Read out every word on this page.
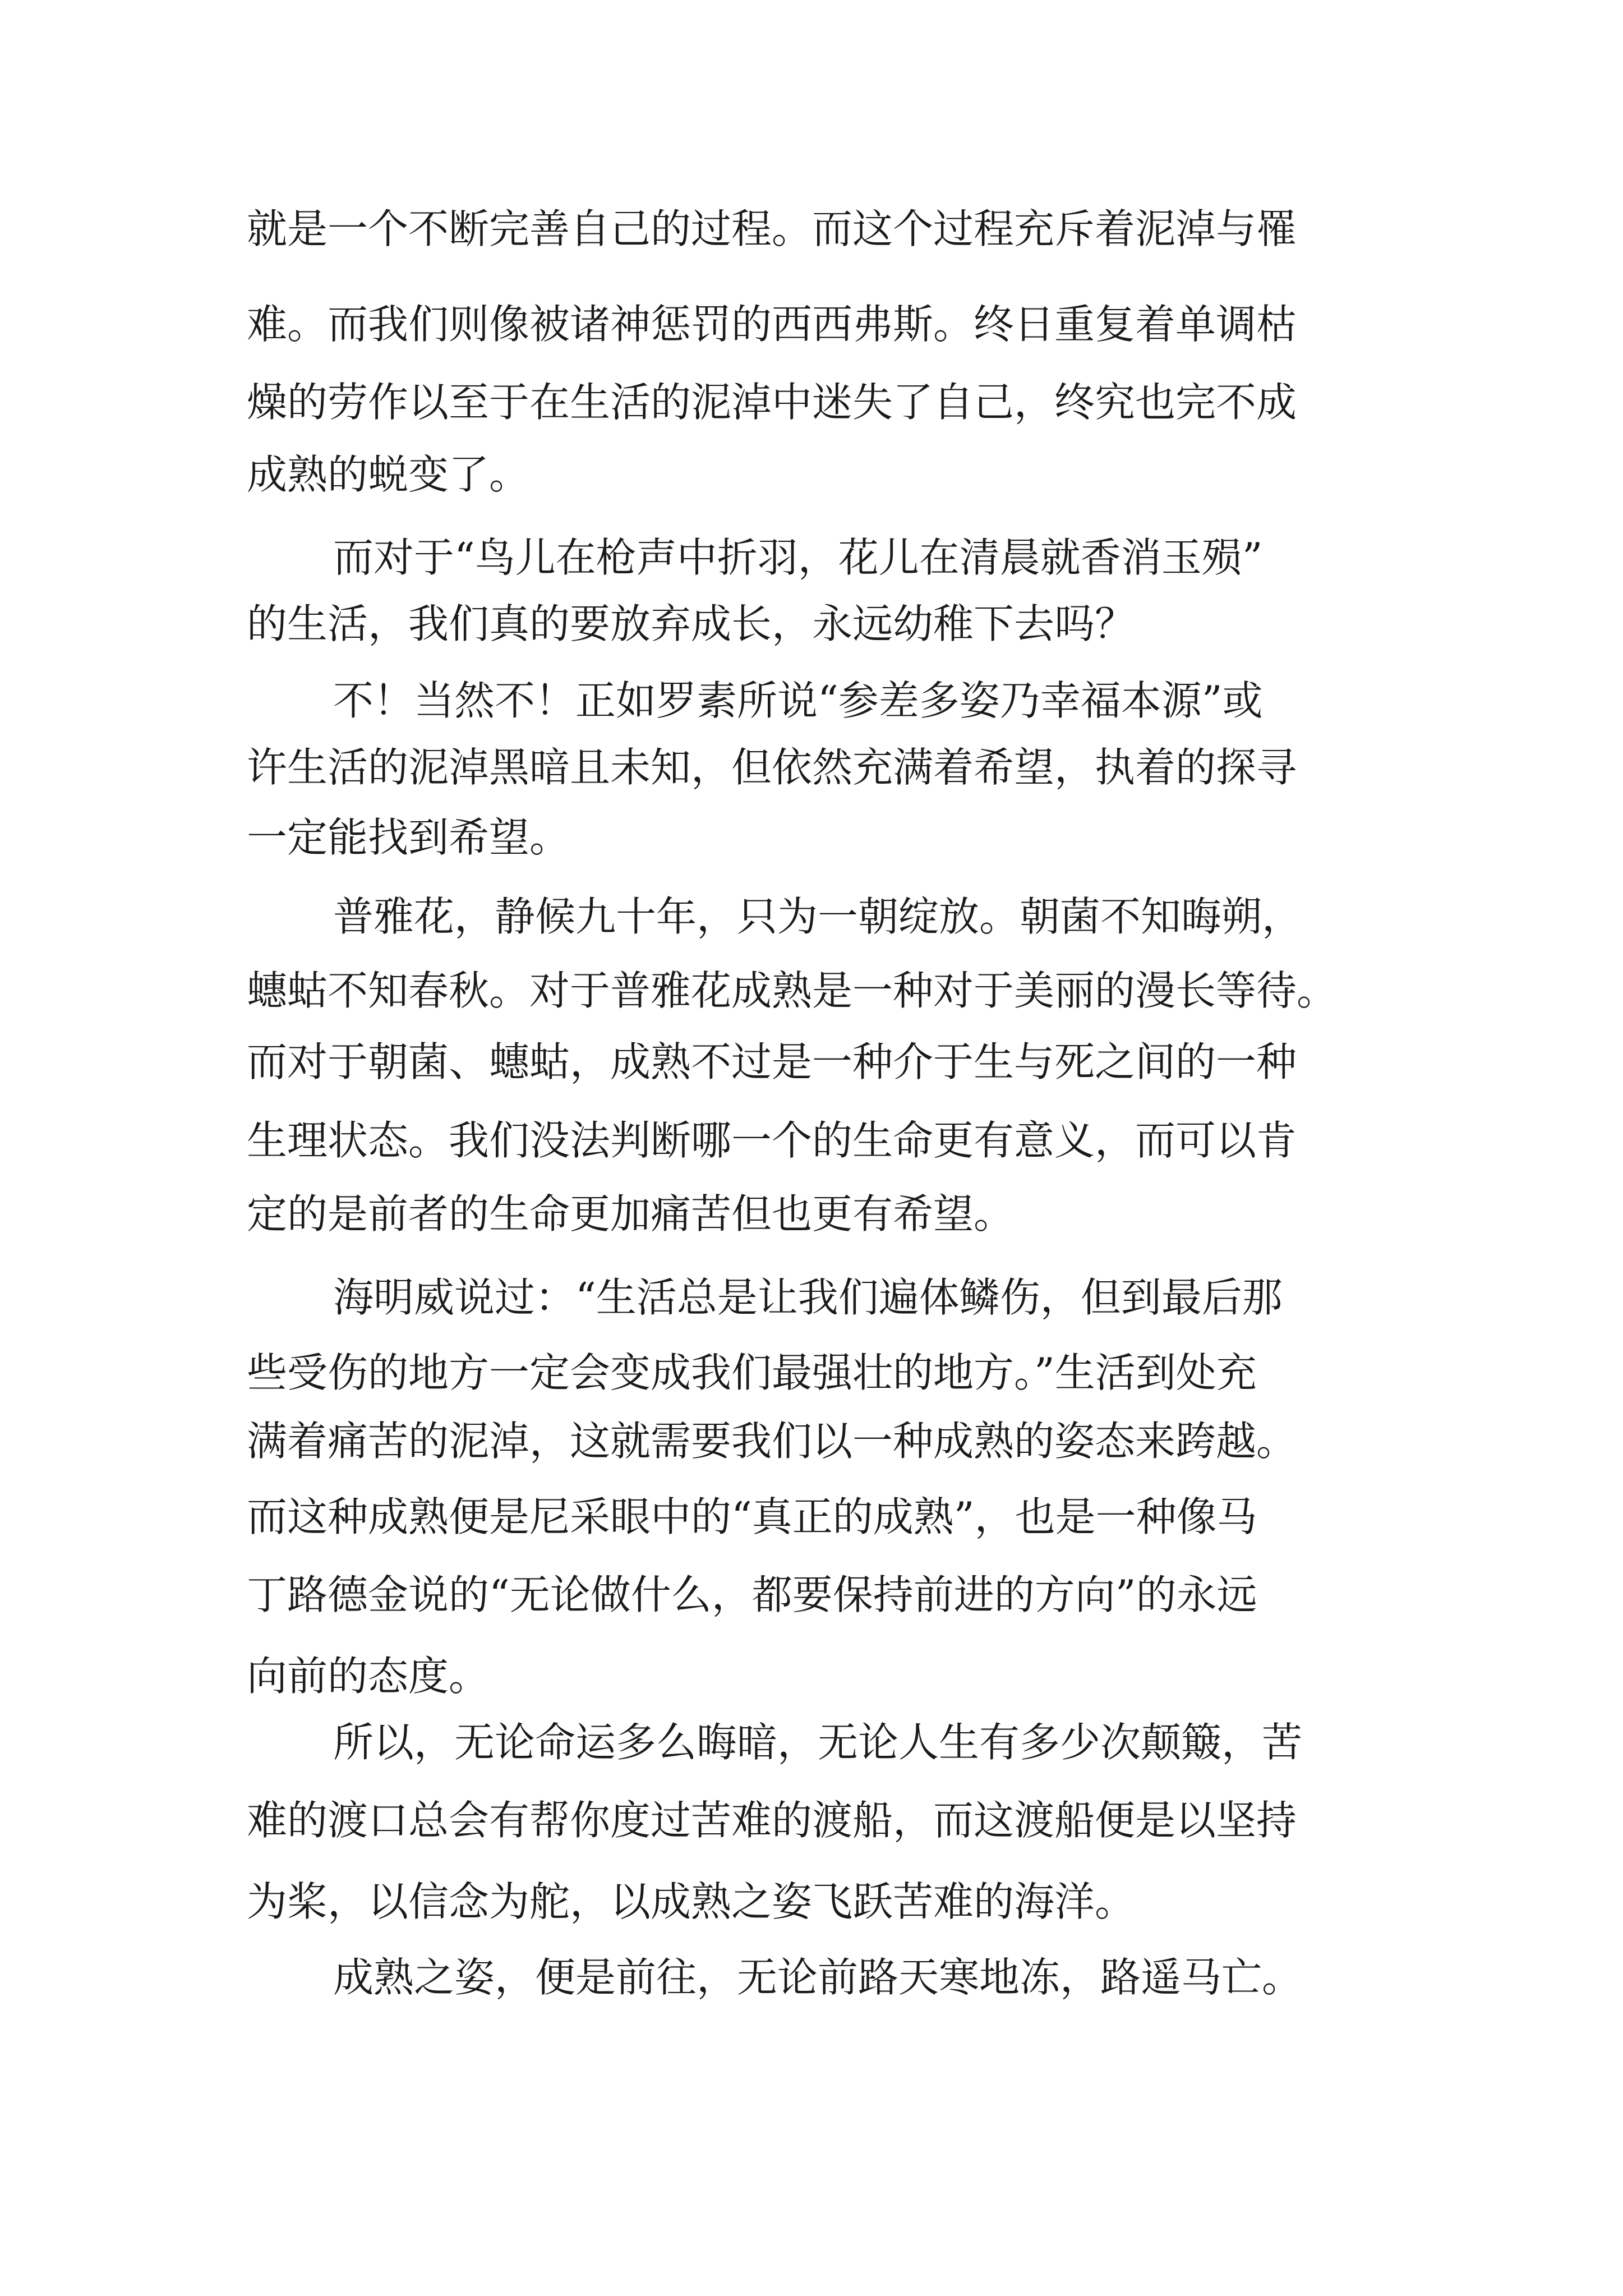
就是一个不断完善自己的过程。而这个过程充斥着泥淖与罹
难。而我们则像被诸神惩罚的西西弗斯。终日重复着单调枯
燥的劳作以至于在生活的泥淖中迷失了自己，终究也完不成
成熟的蜕变了。
而对于“鸟儿在枪声中折羽，花儿在清晨就香消玉殒”
的生活，我们真的要放弃成长，永远幼稚下去吗？
不！当然不！正如罗素所说“参差多姿乃幸福本源”或
许生活的泥淖黑暗且未知，但依然充满着希望，执着的探寻
一定能找到希望。
普雅花，静候九十年，只为一朝绽放。朝菌不知晦朔，
蟪蛄不知春秋。对于普雅花成熟是一种对于美丽的漫长等待。
而对于朝菌、蟪蛄，成熟不过是一种介于生与死之间的一种
生理状态。我们没法判断哪一个的生命更有意义，而可以肯
定的是前者的生命更加痛苦但也更有希望。
海明威说过：“生活总是让我们遍体鳞伤，但到最后那
些受伤的地方一定会变成我们最强壮的地方。”生活到处充
满着痛苦的泥淖，这就需要我们以一种成熟的姿态来跨越。
而这种成熟便是尼采眼中的“真正的成熟”，也是一种像马
丁路德金说的“无论做什么，都要保持前进的方向”的永远
向前的态度。
所以，无论命运多么晦暗，无论人生有多少次颠簸，苦
难的渡口总会有帮你度过苦难的渡船，而这渡船便是以坚持
为桨，以信念为舵，以成熟之姿飞跃苦难的海洋。
成熟之姿，便是前往，无论前路天寒地冻，路遥马亡。
